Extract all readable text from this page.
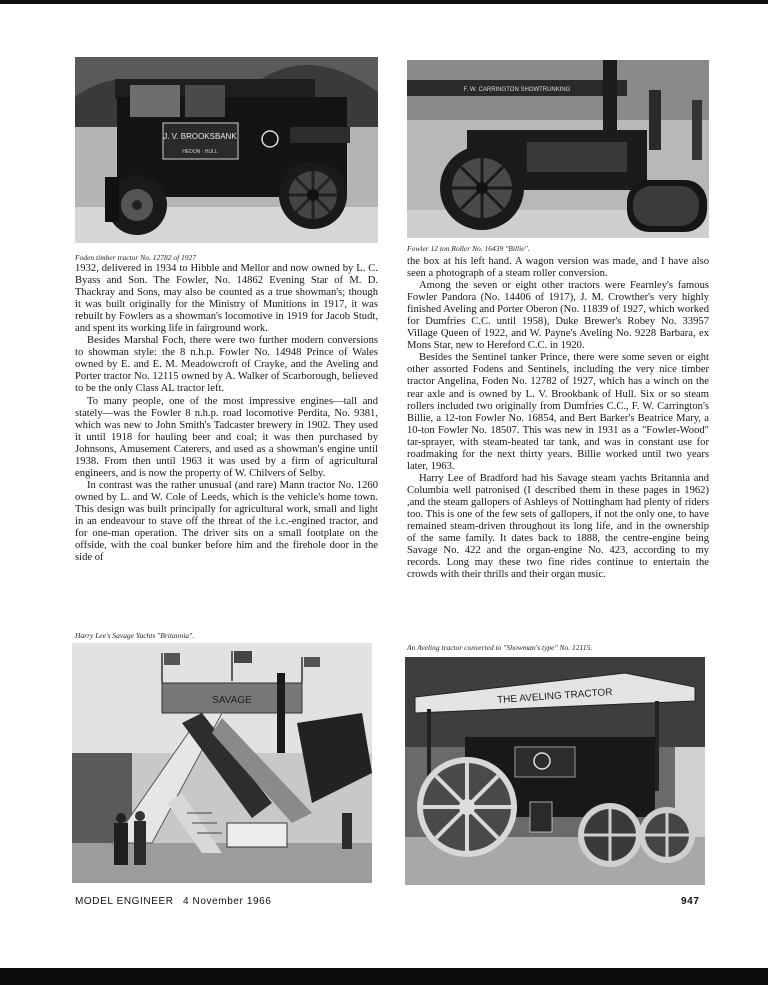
J. V. BROOKSBANK
HEDON · HULL
Foden timber tractor No. 12782 of 1927
F. W. CARRINGTON SHOWTRUNKING
Fowler 12 ton Roller No. 16439 "Billie".

1932, delivered in 1934 to Hibble and Mellor and now owned by L. C. Byass and Son. The Fowler, No. 14862 Evening Star of M. D. Thackray and Sons, may also be counted as a true showman's; though it was built originally for the Ministry of Munitions in 1917, it was rebuilt by Fowlers as a showman's locomotive in 1919 for Jacob Studt, and spent its working life in fairground work.

Besides Marshal Foch, there were two further modern conversions to showman style: the 8 n.h.p. Fowler No. 14948 Prince of Wales owned by E. and E. M. Meadowcroft of Crayke, and the Aveling and Porter tractor No. 12115 owned by A. Walker of Scarborough, believed to be the only Class AL tractor left.

To many people, one of the most impressive engines—tall and stately—was the Fowler 8 n.h.p. road locomotive Perdita, No. 9381, which was new to John Smith's Tadcaster brewery in 1902. They used it until 1918 for hauling beer and coal; it was then purchased by Johnsons, Amusement Caterers, and used as a showman's engine until 1938. From then until 1963 it was used by a firm of agricultural engineers, and is now the property of W. Chilvers of Selby.

In contrast was the rather unusual (and rare) Mann tractor No. 1260 owned by L. and W. Cole of Leeds, which is the vehicle's home town. This design was built principally for agricultural work, small and light in an endeavour to stave off the threat of the i.c.-engined tractor, and for one-man operation. The driver sits on a small footplate on the offside, with the coal bunker before him and the firehole door in the side of

the box at his left hand. A wagon version was made, and I have also seen a photograph of a steam roller conversion.

Among the seven or eight other tractors were Fearnley's famous Fowler Pandora (No. 14406 of 1917), J. M. Crowther's very highly finished Aveling and Porter Oberon (No. 11839 of 1927, which worked for Dumfries C.C. until 1958), Duke Brewer's Robey No. 33957 Village Queen of 1922, and W. Payne's Aveling No. 9228 Barbara, ex Mons Star, new to Hereford C.C. in 1920.

Besides the Sentinel tanker Prince, there were some seven or eight other assorted Fodens and Sentinels, including the very nice timber tractor Angelina, Foden No. 12782 of 1927, which has a winch on the rear axle and is owned by L. V. Brookbank of Hull. Six or so steam rollers included two originally from Dumfries C.C., F. W. Carrington's Billie, a 12-ton Fowler No. 16854, and Bert Barker's Beatrice Mary, a 10-ton Fowler No. 18507. This was new in 1931 as a "Fowler-Wood" tar-sprayer, with steam-heated tar tank, and was in constant use for roadmaking for the next thirty years. Billie worked until two years later, 1963.

Harry Lee of Bradford had his Savage steam yachts Britannia and Columbia well patronised (I described them in these pages in 1962) ,and the steam gallopers of Ashleys of Nottingham had plenty of riders too. This is one of the few sets of gallopers, if not the only one, to have remained steam-driven throughout its long life, and in the ownership of the same family. It dates back to 1888, the centre-engine being Savage No. 422 and the organ-engine No. 423, according to my records. Long may these two fine rides continue to entertain the crowds with their thrills and their organ music.

Harry Lee's Savage Yachts "Britannia".
An Aveling tractor converted to "Showman's type" No. 12115.
SAVAGE	THE AVELING TRACTOR
MODEL ENGINEER 4 November 1966	947
